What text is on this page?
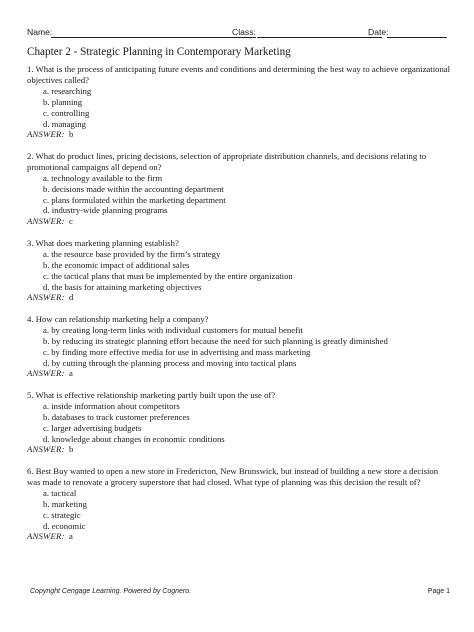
Name:	Class:	Date:
Chapter 2 - Strategic Planning in Contemporary Marketing
1. What is the process of anticipating future events and conditions and determining the best way to achieve organizational
objectives called?
a. researching
b. planning
c. controlling
d. managing
ANSWER: b
2. What do product lines, pricing decisions, selection of appropriate distribution channels, and decisions relating to
promotional campaigns all depend on?
a. technology available to the firm
b. decisions made within the accounting department
c. plans formulated within the marketing department
d. industry-wide planning programs
ANSWER: c
3. What does marketing planning establish?
a. the resource base provided by the firm’s strategy
b. the economic impact of additional sales
c. the tactical plans that must be implemented by the entire organization
d. the basis for attaining marketing objectives
ANSWER: d
4. How can relationship marketing help a company?
a. by creating long-term links with individual customers for mutual benefit
b. by reducing its strategic planning effort because the need for such planning is greatly diminished
c. by finding more effective media for use in advertising and mass marketing
d. by cutting through the planning process and moving into tactical plans
ANSWER: a
5. What is effective relationship marketing partly built upon the use of?
a. inside information about competitors
b. databases to track customer preferences
c. larger advertising budgets
d. knowledge about changes in economic conditions
ANSWER: b
6. Best Buy wanted to open a new store in Fredericton, New Brunswick, but instead of building a new store a decision
was made to renovate a grocery superstore that had closed. What type of planning was this decision the result of?
a. tactical
b. marketing
c. strategic
d. economic
ANSWER: a
Copyright Cengage Learning. Powered by Cognero.	Page 1
